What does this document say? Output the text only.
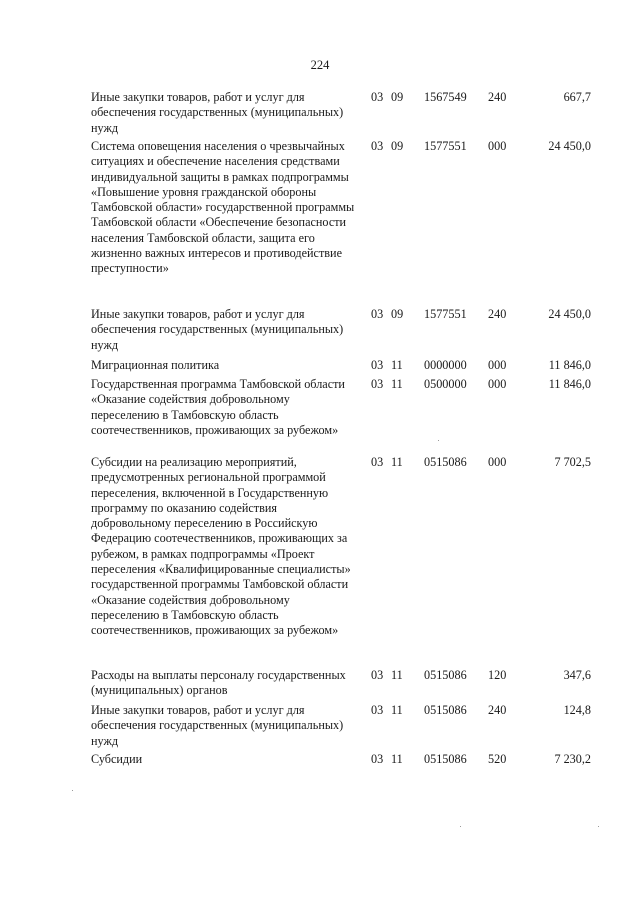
224
Иные закупки товаров, работ и услуг для обеспечения государственных (муниципальных) нужд
03 09	1567549	240	667,7
Система оповещения населения о чрезвычайных ситуациях и обеспечение населения средствами индивидуальной защиты в рамках подпрограммы «Повышение уровня гражданской обороны Тамбовской области» государственной программы Тамбовской области «Обеспечение безопасности населения Тамбовской области, защита его жизненно важных интересов и противодействие преступности»
03 09	1577551	000	24 450,0
Иные закупки товаров, работ и услуг для обеспечения государственных (муниципальных) нужд
03 09	1577551	240	24 450,0
Миграционная политика	03 11	0000000	000	11 846,0
Государственная программа Тамбовской области «Оказание содействия добровольному переселению в Тамбовскую область соотечественников, проживающих за рубежом»
03 11	0500000	000	11 846,0
Субсидии на реализацию мероприятий, предусмотренных региональной программой переселения, включенной в Государственную программу по оказанию содействия добровольному переселению в Российскую Федерацию соотечественников, проживающих за рубежом, в рамках подпрограммы «Проект переселения «Квалифицированные специалисты» государственной программы Тамбовской области «Оказание содействия добровольному переселению в Тамбовскую область соотечественников, проживающих за рубежом»
03 11	0515086	000	7 702,5
Расходы на выплаты персоналу государственных (муниципальных) органов
03 11	0515086	120	347,6
Иные закупки товаров, работ и услуг для обеспечения государственных (муниципальных) нужд
03 11	0515086	240	124,8
Субсидии	03 11	0515086	520	7 230,2
